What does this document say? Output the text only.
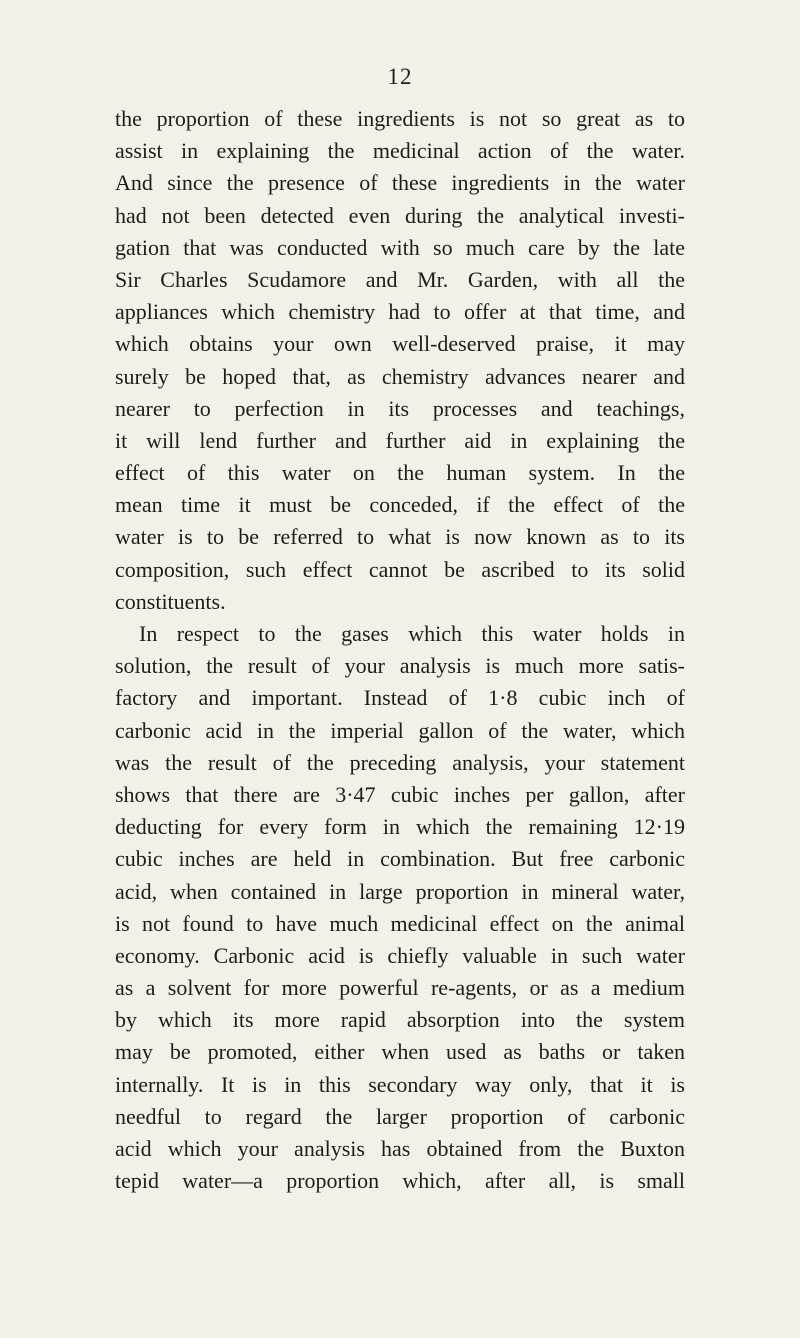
12
the proportion of these ingredients is not so great as to
assist in explaining the medicinal action of the water.
And since the presence of these ingredients in the water
had not been detected even during the analytical investi-
gation that was conducted with so much care by the late
Sir Charles Scudamore and Mr. Garden, with all the
appliances which chemistry had to offer at that time, and
which obtains your own well-deserved praise, it may
surely be hoped that, as chemistry advances nearer and
nearer to perfection in its processes and teachings,
it will lend further and further aid in explaining the
effect of this water on the human system. In the
mean time it must be conceded, if the effect of the
water is to be referred to what is now known as to its
composition, such effect cannot be ascribed to its solid
constituents.
In respect to the gases which this water holds in
solution, the result of your analysis is much more satis-
factory and important. Instead of 1·8 cubic inch of
carbonic acid in the imperial gallon of the water, which
was the result of the preceding analysis, your statement
shows that there are 3·47 cubic inches per gallon, after
deducting for every form in which the remaining 12·19
cubic inches are held in combination. But free carbonic
acid, when contained in large proportion in mineral water,
is not found to have much medicinal effect on the animal
economy. Carbonic acid is chiefly valuable in such water
as a solvent for more powerful re-agents, or as a medium
by which its more rapid absorption into the system
may be promoted, either when used as baths or taken
internally. It is in this secondary way only, that it is
needful to regard the larger proportion of carbonic
acid which your analysis has obtained from the Buxton
tepid water—a proportion which, after all, is small
